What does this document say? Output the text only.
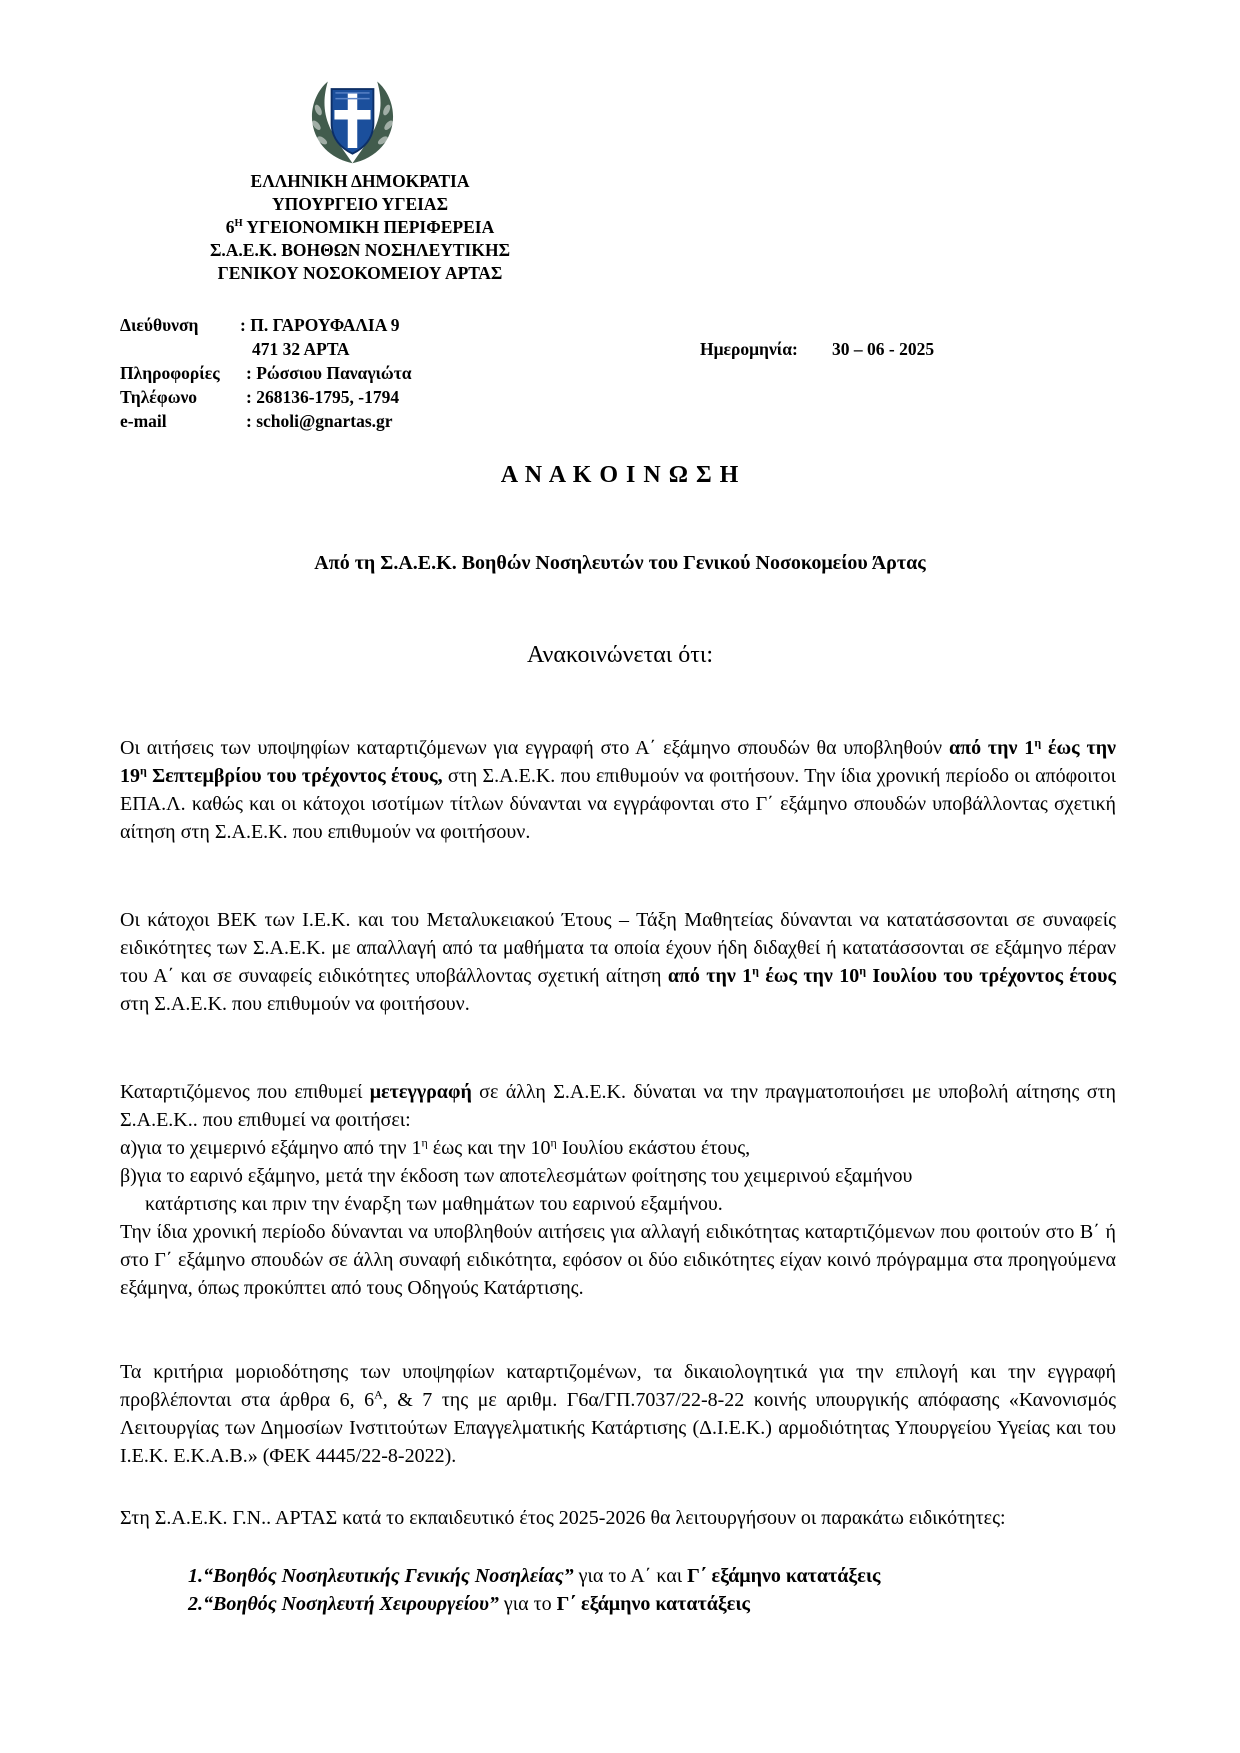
ΕΛΛΗΝΙΚΗ ΔΗΜΟΚΡΑΤΙΑ
ΥΠΟΥΡΓΕΙΟ ΥΓΕΙΑΣ
$6^H$ ΥΓΕΙΟΝΟΜΙΚΗ ΠΕΡΙΦΕΡΕΙΑ
Σ.Α.Ε.Κ. ΒΟΗΘΩΝ ΝΟΣΗΛΕΥΤΙΚΗΣ
ΓΕΝΙΚΟΥ ΝΟΣΟΚΟΜΕΙΟΥ ΑΡΤΑΣ
Διεύθυνση : Π. ΓΑΡΟΥΦΑΛΙΑ 9
471 32 ΑΡΤΑ
Πληροφορίες : Ρώσσιου Παναγιώτα
Τηλέφωνο	: 268136-1795, -1794
e-mail	: scholi@gnartas.gr
Ημερομηνία: 30 – 06 - 2025
Α Ν Α Κ Ο Ι Ν Ω Σ Η
Από τη Σ.Α.Ε.Κ. Βοηθών Νοσηλευτών του Γενικού Νοσοκομείου Άρτας
Ανακοινώνεται ότι:

Οι αιτήσεις των υποψηφίων καταρτιζόμενων για εγγραφή στο Α΄ εξάμηνο σπουδών θα υποβληθούν από την $1^\eta$ έως την $19^\eta$ Σεπτεμβρίου του τρέχοντος έτους, στη Σ.Α.Ε.Κ. που επιθυμούν να φοιτήσουν. Την ίδια χρονική περίοδο οι απόφοιτοι ΕΠΑ.Λ. καθώς και οι κάτοχοι ισοτίμων τίτλων δύνανται να εγγράφονται στο Γ΄ εξάμηνο σπουδών υποβάλλοντας σχετική αίτηση στη Σ.Α.Ε.Κ. που επιθυμούν να φοιτήσουν.

Οι κάτοχοι ΒΕΚ των Ι.Ε.Κ. και του Μεταλυκειακού Έτους – Τάξη Μαθητείας δύνανται να κατατάσσονται σε συναφείς ειδικότητες των Σ.Α.Ε.Κ. με απαλλαγή από τα μαθήματα τα οποία έχουν ήδη διδαχθεί ή κατατάσσονται σε εξάμηνο πέραν του Α΄ και σε συναφείς ειδικότητες υποβάλλοντας σχετική αίτηση από την $1^\eta$ έως την $10^\eta$ Ιουλίου του τρέχοντος έτους στη Σ.Α.Ε.Κ. που επιθυμούν να φοιτήσουν.

Καταρτιζόμενος που επιθυμεί μετεγγραφή σε άλλη Σ.Α.Ε.Κ. δύναται να την πραγματοποιήσει με υποβολή αίτησης στη Σ.Α.Ε.Κ.. που επιθυμεί να φοιτήσει:

α)για το χειμερινό εξάμηνο από την $1^\eta$ έως και την $10^\eta$ Ιουλίου εκάστου έτους,

β)για το εαρινό εξάμηνο, μετά την έκδοση των αποτελεσμάτων φοίτησης του χειμερινού εξαμήνου

κατάρτισης και πριν την έναρξη των μαθημάτων του εαρινού εξαμήνου.

Την ίδια χρονική περίοδο δύνανται να υποβληθούν αιτήσεις για αλλαγή ειδικότητας καταρτιζόμενων που φοιτούν στο Β΄ ή στο Γ΄ εξάμηνο σπουδών σε άλλη συναφή ειδικότητα, εφόσον οι δύο ειδικότητες είχαν κοινό πρόγραμμα στα προηγούμενα εξάμηνα, όπως προκύπτει από τους Οδηγούς Κατάρτισης.

Τα κριτήρια μοριοδότησης των υποψηφίων καταρτιζομένων, τα δικαιολογητικά για την επιλογή και την εγγραφή προβλέπονται στα άρθρα 6, $6^A$, & 7 της με αριθμ. Γ6α/ΓΠ.7037/22-8-22 κοινής υπουργικής απόφασης «Κανονισμός Λειτουργίας των Δημοσίων Ινστιτούτων Επαγγελματικής Κατάρτισης (Δ.Ι.Ε.Κ.) αρμοδιότητας Υπουργείου Υγείας και του Ι.Ε.Κ. Ε.Κ.Α.Β.» (ΦΕΚ 4445/22-8-2022).

Στη Σ.Α.Ε.Κ. Γ.Ν.. ΑΡΤΑΣ κατά το εκπαιδευτικό έτος 2025-2026 θα λειτουργήσουν οι παρακάτω ειδικότητες:

1.“Βοηθός Νοσηλευτικής Γενικής Νοσηλείας” για το Α΄ και Γ΄ εξάμηνο κατατάξεις
2.“Βοηθός Νοσηλευτή Χειρουργείου” για το Γ΄ εξάμηνο κατατάξεις
